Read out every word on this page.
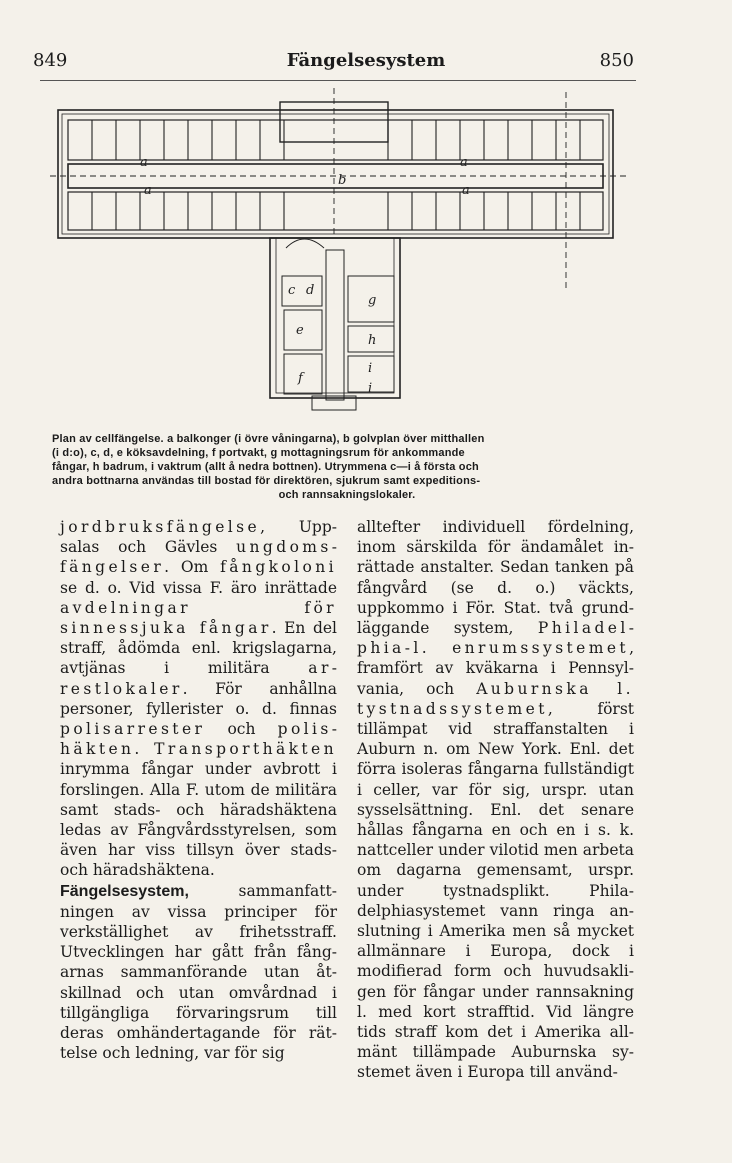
849	Fängelsesystem	850
a
a
b
a
a
c d
e
f
g
h
i
i
Plan av cellfängelse. a balkonger (i övre våningarna), b golvplan över mitthallen
(i d:o), c, d, e köksavdelning, f portvakt, g mottagningsrum för ankommande
fångar, h badrum, i vaktrum (allt å nedra bottnen). Utrymmena c—i å första och
andra bottnarna användas till bostad för direktören, sjukrum samt expeditions-
och rannsakningslokaler.

jordbruksfängelse, Uppsalas och Gävles ungdomsfängelser. Om fångkoloni se d. o. Vid vissa F. äro inrättade avdelningar för sinnessjuka fångar. En del straff, ådömda enl. krigslagarna, avtjänas i militära arrestlokaler. För anhållna personer, fyllerister o. d. finnas polisarrester och polishäkten. Transporthäkten inrymma fångar under avbrott i forslingen. Alla F. utom de militära samt stads- och häradshäktena ledas av Fångvårdsstyrelsen, som även har viss tillsyn över stads- och häradshäktena.

Fängelsesystem, sammanfattningen av vissa principer för verkställighet av frihetsstraff. Utvecklingen har gått från fångarnas sammanförande utan åtskillnad och utan omvårdnad i tillgängliga förvaringsrum till deras omhändertagande för rättelse och ledning, var för sig

alltefter individuell fördelning, inom särskilda för ändamålet inrättade anstalter. Sedan tanken på fångvård (se d. o.) väckts, uppkommo i För. Stat. två grundläggande system, Philadelphia-l. enrumssystemet, framfört av kväkarna i Pennsylvania, och Auburnska l. tystnadssystemet, först tillämpat vid straffanstalten i Auburn n. om New York. Enl. det förra isoleras fångarna fullständigt i celler, var för sig, urspr. utan sysselsättning. Enl. det senare hållas fångarna en och en i s. k. nattceller under vilotid men arbeta om dagarna gemensamt, urspr. under tystnadsplikt. Philadelphiasystemet vann ringa anslutning i Amerika men så mycket allmännare i Europa, dock i modifierad form och huvudsakligen för fångar under rannsakning l. med kort strafftid. Vid längre tids straff kom det i Amerika allmänt tillämpade Auburnska systemet även i Europa till använd-
